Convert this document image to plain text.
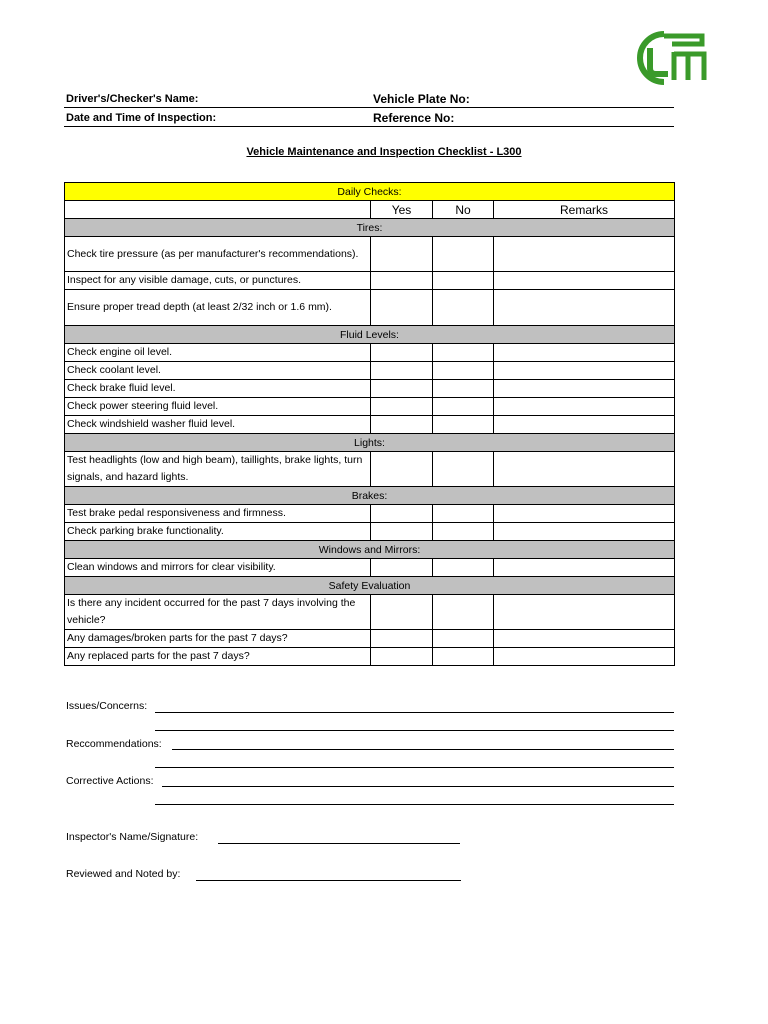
Driver's/Checker's Name:	Vehicle Plate No:
Date and Time of Inspection:	Reference No:
Vehicle Maintenance and Inspection Checklist - L300
Daily Checks:			
	Yes	No	Remarks
Tires:			
Check tire pressure (as per manufacturer's recommendations).			
Inspect for any visible damage, cuts, or punctures.			
Ensure proper tread depth (at least 2/32 inch or 1.6 mm).			
Fluid Levels:			
Check engine oil level.			
Check coolant level.			
Check brake fluid level.			
Check power steering fluid level.			
Check windshield washer fluid level.			
Lights:			
Test headlights (low and high beam), taillights, brake lights, turn signals, and hazard lights.			
Brakes:			
Test brake pedal responsiveness and firmness.			
Check parking brake functionality.			
Windows and Mirrors:			
Clean windows and mirrors for clear visibility.			
Safety Evaluation			
Is there any incident occurred for the past 7 days involving the vehicle?			
Any damages/broken parts for the past 7 days?			
Any replaced parts for the past 7 days?			
Issues/Concerns:
Reccommendations:
Corrective Actions:
Inspector's Name/Signature:
Reviewed and Noted by:
